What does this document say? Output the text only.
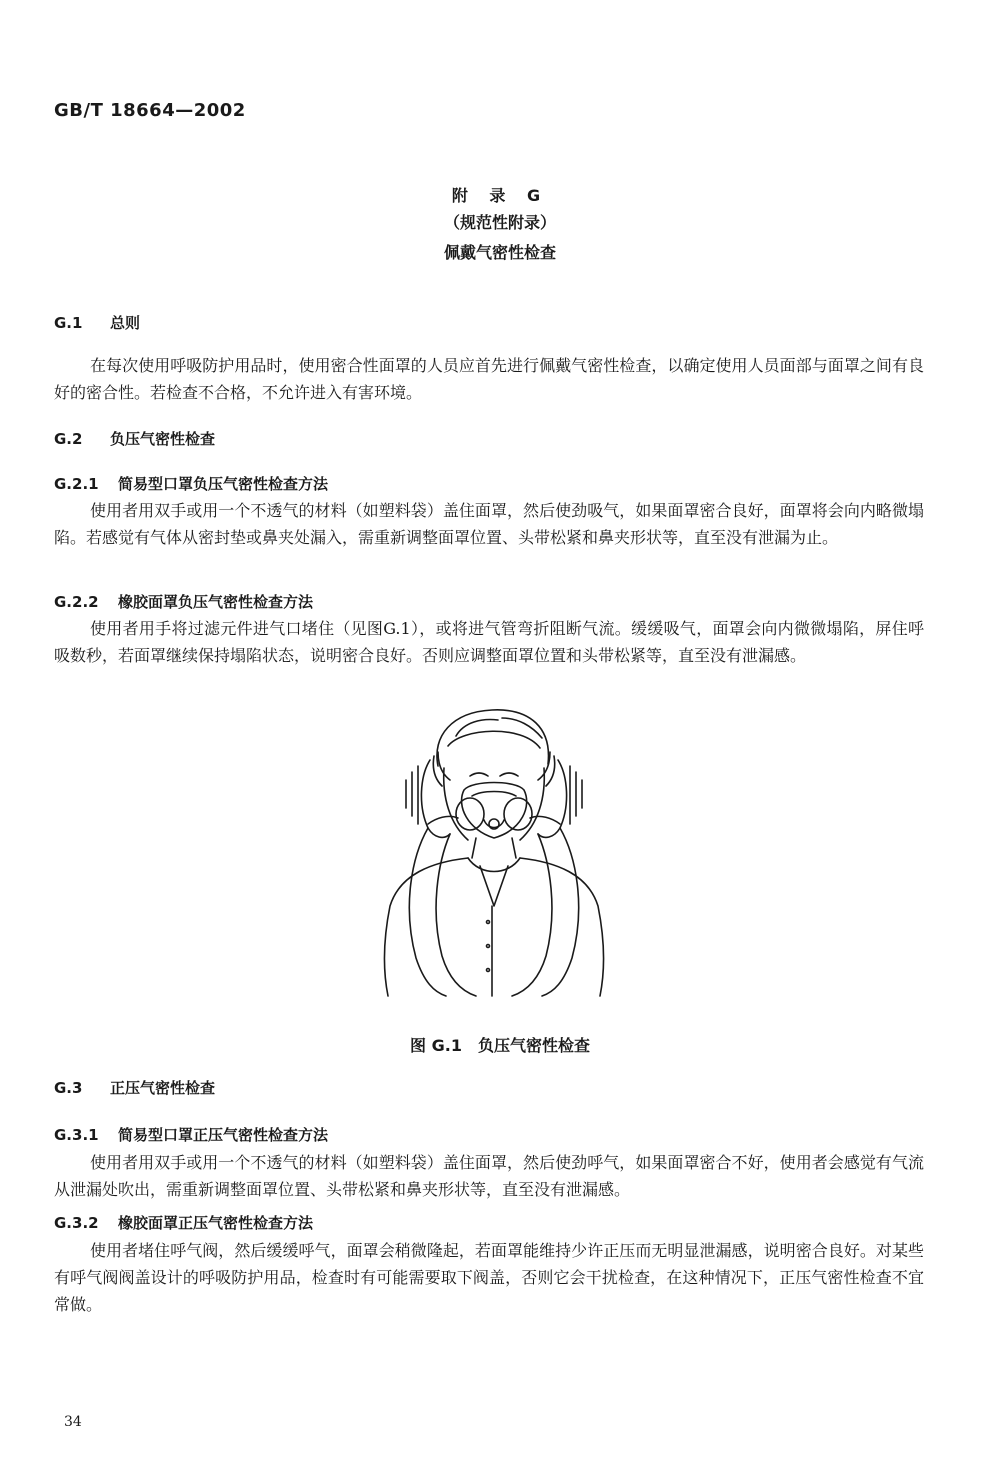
GB/T 18664—2002
附 录 G
（规范性附录）
佩戴气密性检查
G.1 总则
在每次使用呼吸防护用品时，使用密合性面罩的人员应首先进行佩戴气密性检查，以确定使用人员面部与面罩之间有良好的密合性。若检查不合格，不允许进入有害环境。
G.2 负压气密性检查
G.2.1 简易型口罩负压气密性检查方法
使用者用双手或用一个不透气的材料（如塑料袋）盖住面罩，然后使劲吸气，如果面罩密合良好，面罩将会向内略微塌陷。若感觉有气体从密封垫或鼻夹处漏入，需重新调整面罩位置、头带松紧和鼻夹形状等，直至没有泄漏为止。
G.2.2 橡胶面罩负压气密性检查方法
使用者用手将过滤元件进气口堵住（见图G.1），或将进气管弯折阻断气流。缓缓吸气，面罩会向内微微塌陷，屏住呼吸数秒，若面罩继续保持塌陷状态，说明密合良好。否则应调整面罩位置和头带松紧等，直至没有泄漏感。
图 G.1　负压气密性检查
G.3 正压气密性检查
G.3.1 简易型口罩正压气密性检查方法
使用者用双手或用一个不透气的材料（如塑料袋）盖住面罩，然后使劲呼气，如果面罩密合不好，使用者会感觉有气流从泄漏处吹出，需重新调整面罩位置、头带松紧和鼻夹形状等，直至没有泄漏感。
G.3.2 橡胶面罩正压气密性检查方法
使用者堵住呼气阀，然后缓缓呼气，面罩会稍微隆起，若面罩能维持少许正压而无明显泄漏感，说明密合良好。对某些有呼气阀阀盖设计的呼吸防护用品，检查时有可能需要取下阀盖，否则它会干扰检查，在这种情况下，正压气密性检查不宜常做。
34
